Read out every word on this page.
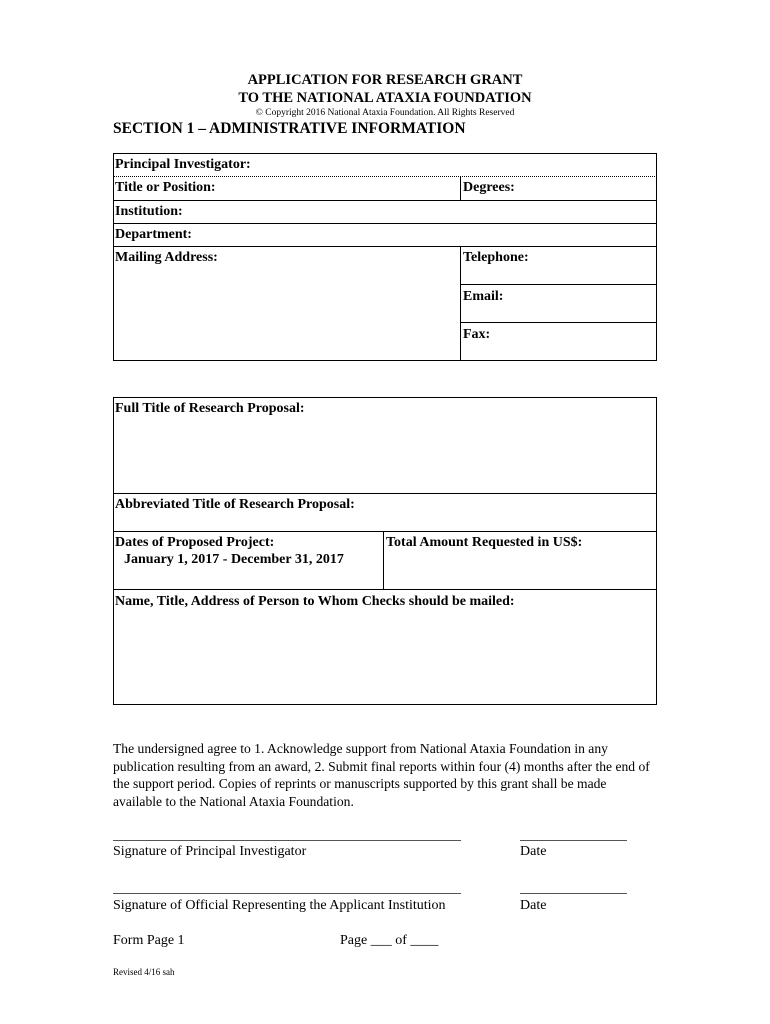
APPLICATION FOR RESEARCH GRANT
TO THE NATIONAL ATAXIA FOUNDATION
© Copyright 2016 National Ataxia Foundation. All Rights Reserved
SECTION 1 – ADMINISTRATIVE INFORMATION
Principal Investigator:
Title or Position:	Degrees:
Institution:
Department:
Mailing Address:	Telephone:
Email:
Fax:
Full Title of Research Proposal:
Abbreviated Title of Research Proposal:
Dates of Proposed Project:
January 1, 2017 - December 31, 2017
Total Amount Requested in US$:
Name, Title, Address of Person to Whom Checks should be mailed:
The undersigned agree to 1. Acknowledge support from National Ataxia Foundation in any publication resulting from an award, 2. Submit final reports within four (4) months after the end of the support period. Copies of reprints or manuscripts supported by this grant shall be made available to the National Ataxia Foundation.
Signature of Principal Investigator	Date
Signature of Official Representing the Applicant Institution	Date
Form Page 1	Page ___ of ____
Revised 4/16 sah
